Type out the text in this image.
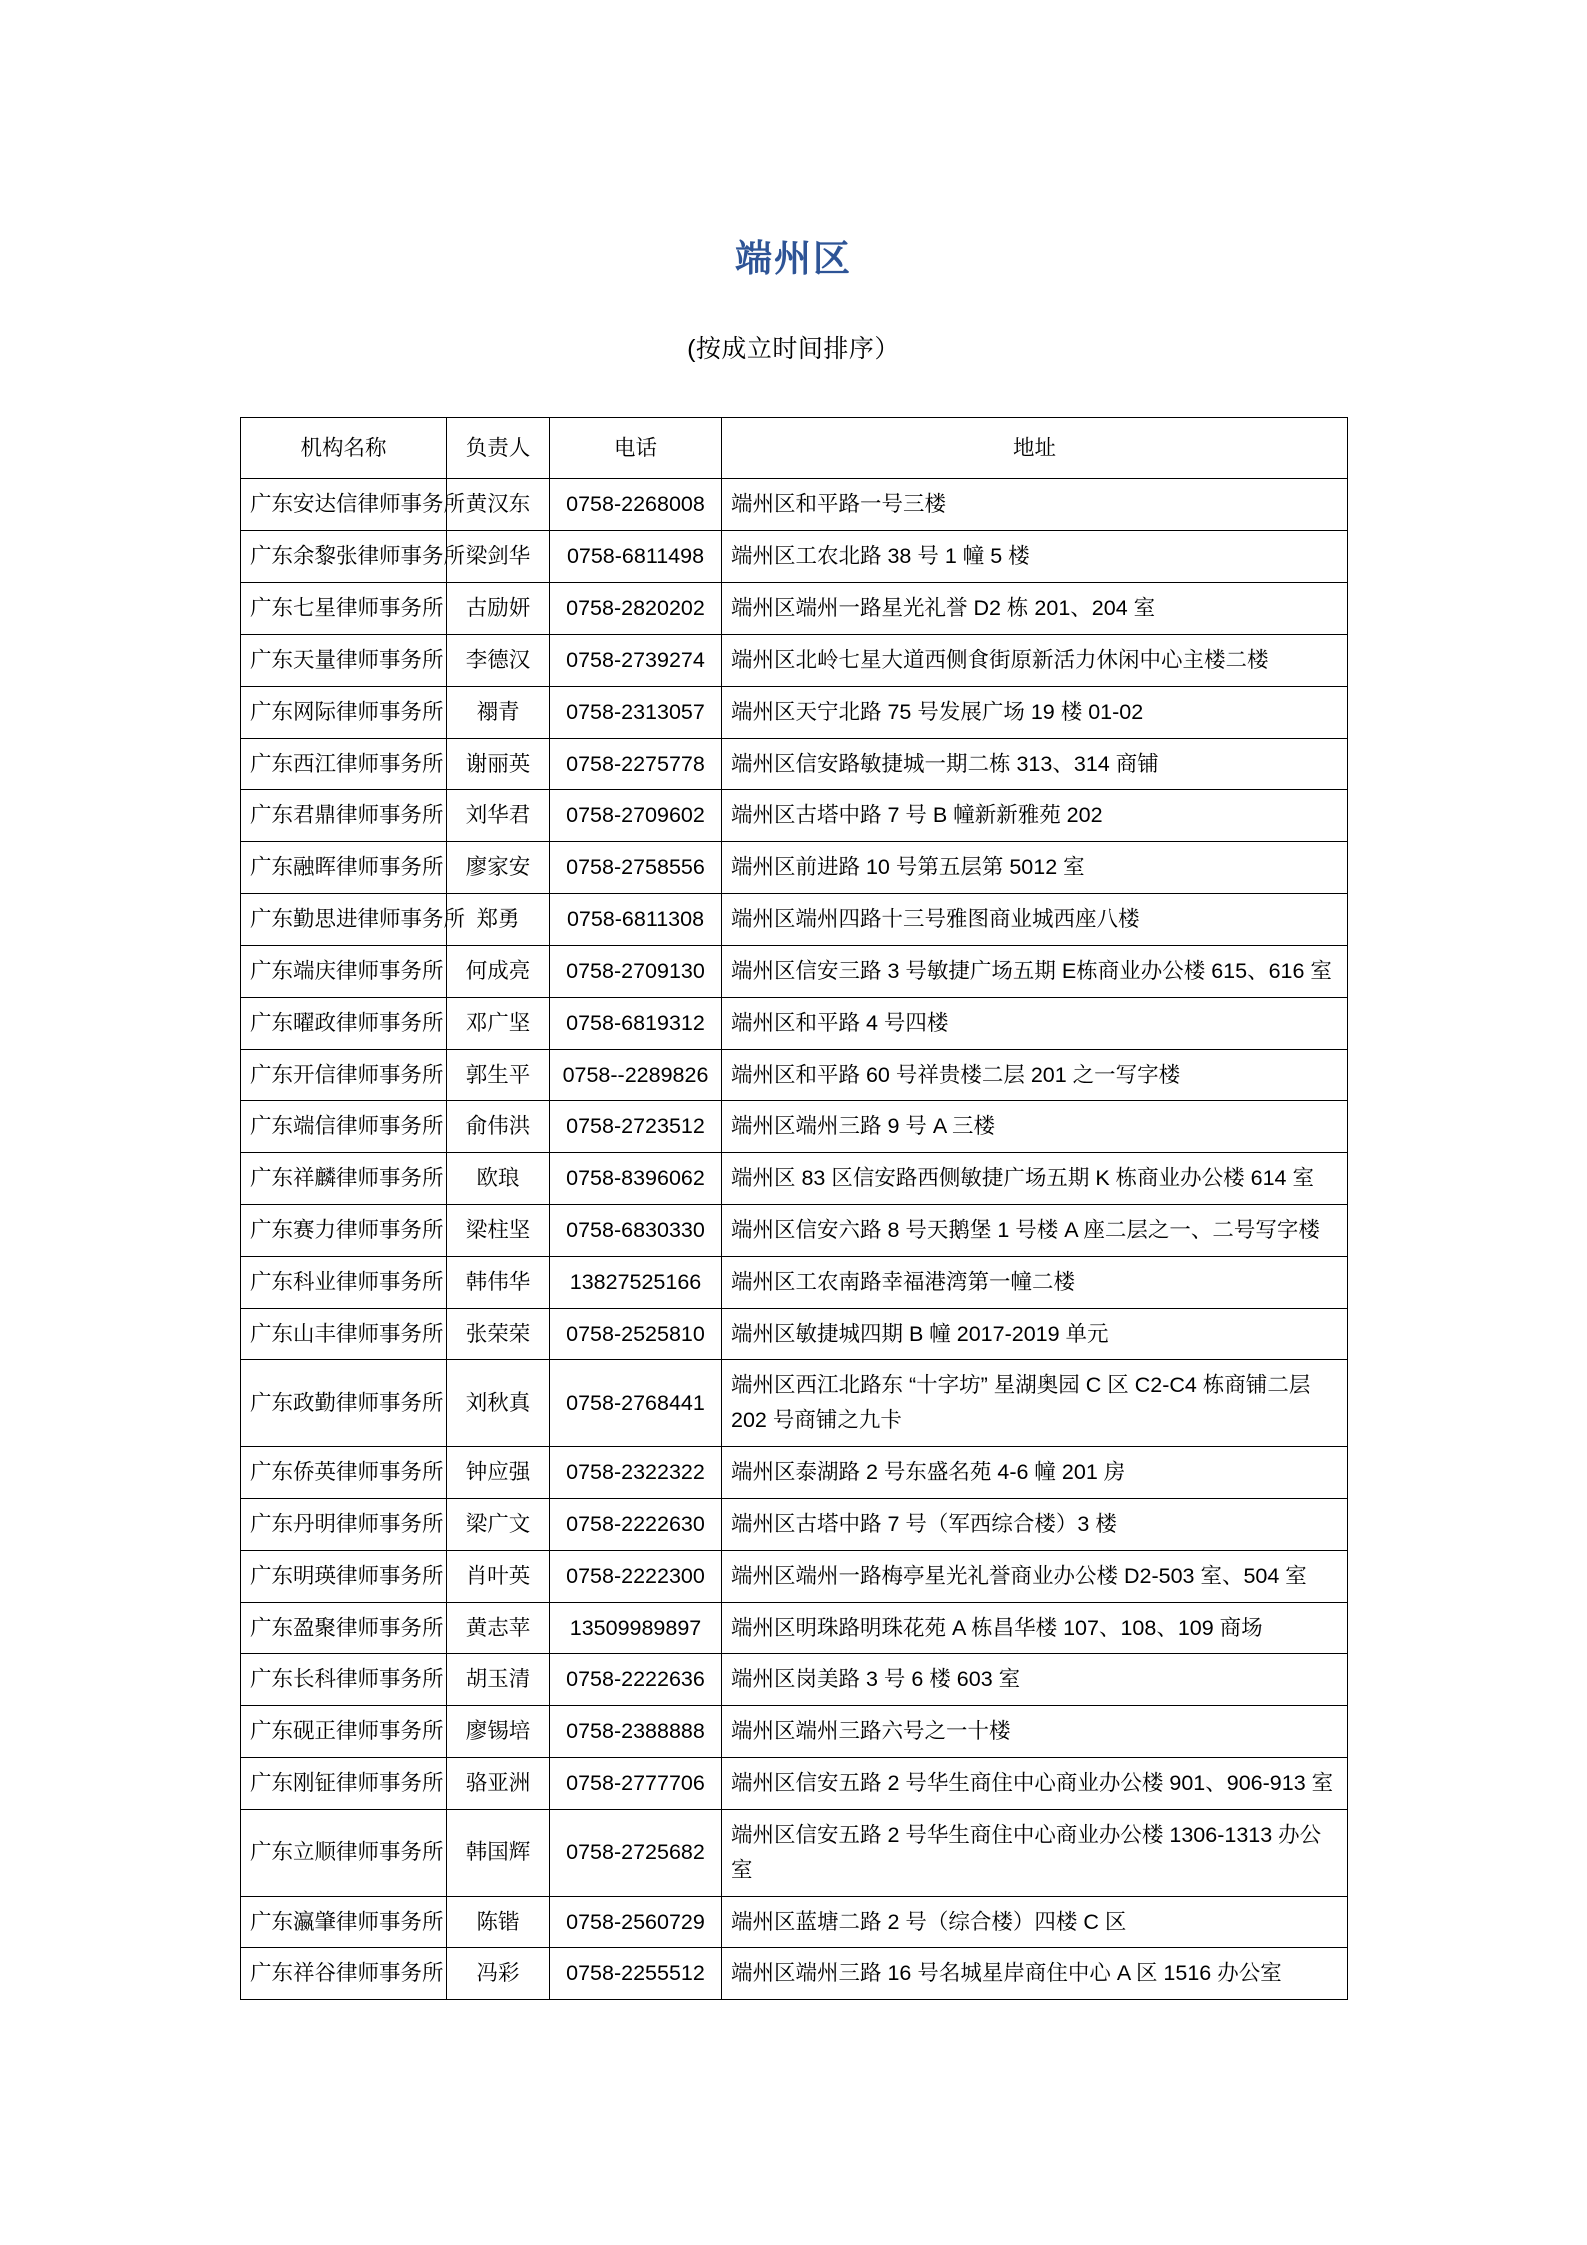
端州区

(按成立时间排序）

机构名称	负责人	电话	地址
广东安达信律师事务所	黄汉东	0758-2268008	端州区和平路一号三楼
广东余黎张律师事务所	梁剑华	0758-6811498	端州区工农北路 38 号 1 幢 5 楼
广东七星律师事务所	古励妍	0758-2820202	端州区端州一路星光礼誉 D2 栋 201、204 室
广东天量律师事务所	李德汉	0758-2739274	端州区北岭七星大道西侧食街原新活力休闲中心主楼二楼
广东网际律师事务所	禤青	0758-2313057	端州区天宁北路 75 号发展广场 19 楼 01-02
广东西江律师事务所	谢丽英	0758-2275778	端州区信安路敏捷城一期二栋 313、314 商铺
广东君鼎律师事务所	刘华君	0758-2709602	端州区古塔中路 7 号 B 幢新新雅苑 202
广东融晖律师事务所	廖家安	0758-2758556	端州区前进路 10 号第五层第 5012 室
广东勤思进律师事务所	郑勇	0758-6811308	端州区端州四路十三号雅图商业城西座八楼
广东端庆律师事务所	何成亮	0758-2709130	端州区信安三路 3 号敏捷广场五期 E栋商业办公楼 615、616 室
广东曜政律师事务所	邓广坚	0758-6819312	端州区和平路 4 号四楼
广东开信律师事务所	郭生平	0758--2289826	端州区和平路 60 号祥贵楼二层 201 之一写字楼
广东端信律师事务所	俞伟洪	0758-2723512	端州区端州三路 9 号 A 三楼
广东祥麟律师事务所	欧琅	0758-8396062	端州区 83 区信安路西侧敏捷广场五期 K 栋商业办公楼 614 室
广东赛力律师事务所	梁柱坚	0758-6830330	端州区信安六路 8 号天鹅堡 1 号楼 A 座二层之一、二号写字楼
广东科业律师事务所	韩伟华	13827525166	端州区工农南路幸福港湾第一幢二楼
广东山丰律师事务所	张荣荣	0758-2525810	端州区敏捷城四期 B 幢 2017-2019 单元
广东政勤律师事务所	刘秋真	0758-2768441	端州区西江北路东 “十字坊” 星湖奥园 C 区 C2-C4 栋商铺二层 202 号商铺之九卡
广东侨英律师事务所	钟应强	0758-2322322	端州区泰湖路 2 号东盛名苑 4-6 幢 201 房
广东丹明律师事务所	梁广文	0758-2222630	端州区古塔中路 7 号（军西综合楼）3 楼
广东明瑛律师事务所	肖叶英	0758-2222300	端州区端州一路梅亭星光礼誉商业办公楼 D2-503 室、504 室
广东盈聚律师事务所	黄志苹	13509989897	端州区明珠路明珠花苑 A 栋昌华楼 107、108、109 商场
广东长科律师事务所	胡玉清	0758-2222636	端州区岗美路 3 号 6 楼 603 室
广东砚正律师事务所	廖锡培	0758-2388888	端州区端州三路六号之一十楼
广东刚钲律师事务所	骆亚洲	0758-2777706	端州区信安五路 2 号华生商住中心商业办公楼 901、906-913 室
广东立顺律师事务所	韩国辉	0758-2725682	端州区信安五路 2 号华生商住中心商业办公楼 1306-1313 办公室
广东瀛肇律师事务所	陈锴	0758-2560729	端州区蓝塘二路 2 号（综合楼）四楼 C 区
广东祥谷律师事务所	冯彩	0758-2255512	端州区端州三路 16 号名城星岸商住中心 A 区 1516 办公室
